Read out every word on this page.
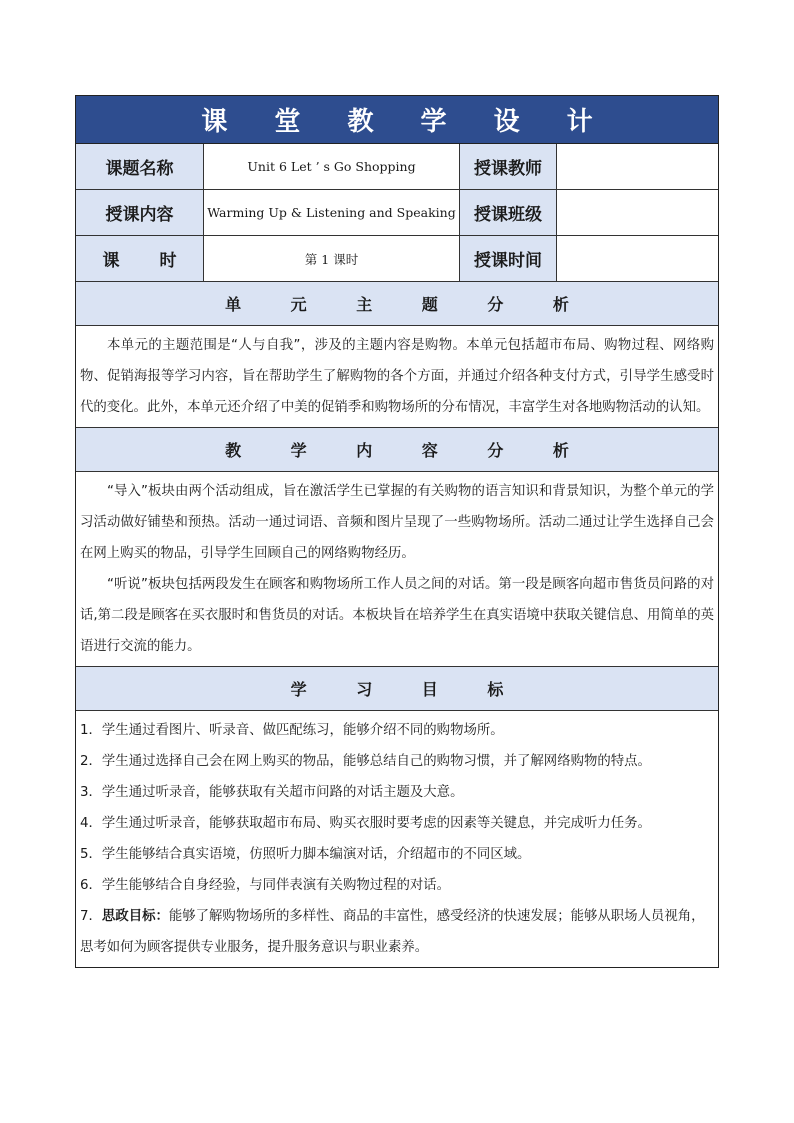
课 堂 教 学 设 计
课题名称	Unit 6 Let ’ s Go Shopping	授课教师
授课内容	Warming Up & Listening and Speaking	授课班级
课 时	第 1 课时	授课时间
单 元 主 题 分 析

本单元的主题范围是“人与自我”，涉及的主题内容是购物。本单元包括超市布局、购物过程、网络购物、促销海报等学习内容，旨在帮助学生了解购物的各个方面，并通过介绍各种支付方式，引导学生感受时代的变化。此外，本单元还介绍了中美的促销季和购物场所的分布情况，丰富学生对各地购物活动的认知。

教 学 内 容 分 析

“导入”板块由两个活动组成，旨在激活学生已掌握的有关购物的语言知识和背景知识，为整个单元的学习活动做好铺垫和预热。活动一通过词语、音频和图片呈现了一些购物场所。活动二通过让学生选择自己会在网上购买的物品，引导学生回顾自己的网络购物经历。

“听说”板块包括两段发生在顾客和购物场所工作人员之间的对话。第一段是顾客向超市售货员问路的对话,第二段是顾客在买衣服时和售货员的对话。本板块旨在培养学生在真实语境中获取关键信息、用简单的英语进行交流的能力。

学 习 目 标

1．学生通过看图片、听录音、做匹配练习，能够介绍不同的购物场所。

2．学生通过选择自己会在网上购买的物品，能够总结自己的购物习惯，并了解网络购物的特点。

3．学生通过听录音，能够获取有关超市问路的对话主题及大意。

4．学生通过听录音，能够获取超市布局、购买衣服时要考虑的因素等关键息，并完成听力任务。

5．学生能够结合真实语境，仿照听力脚本编演对话，介绍超市的不同区域。

6．学生能够结合自身经验，与同伴表演有关购物过程的对话。

7．思政目标：能够了解购物场所的多样性、商品的丰富性，感受经济的快速发展；能够从职场人员视角，思考如何为顾客提供专业服务，提升服务意识与职业素养。
